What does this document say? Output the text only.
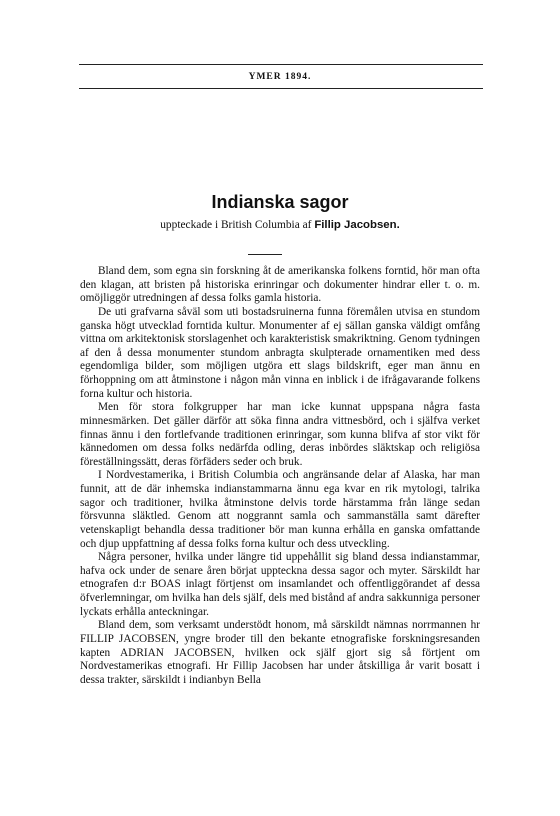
YMER 1894.
Indianska sagor
uppteckade i British Columbia af Fillip Jacobsen.

Bland dem, som egna sin forskning åt de amerikanska folkens forntid, hör man ofta den klagan, att bristen på historiska erinringar och dokumenter hindrar eller t. o. m. omöjliggör utredningen af dessa folks gamla historia.

De uti grafvarna såväl som uti bostadsruinerna funna föremålen utvisa en stundom ganska högt utvecklad forntida kultur. Monumenter af ej sällan ganska väldigt omfång vittna om arkitektonisk storslagenhet och karakteristisk smakriktning. Genom tydningen af den å dessa monumenter stundom anbragta skulpterade ornamentiken med dess egendomliga bilder, som möjligen utgöra ett slags bildskrift, eger man ännu en förhoppning om att åtminstone i någon mån vinna en inblick i de ifrågavarande folkens forna kultur och historia.

Men för stora folkgrupper har man icke kunnat uppspana några fasta minnesmärken. Det gäller därför att söka finna andra vittnesbörd, och i själfva verket finnas ännu i den fortlefvande traditionen erinringar, som kunna blifva af stor vikt för kännedomen om dessa folks nedärfda odling, deras inbördes släktskap och religiösa föreställningssätt, deras förfäders seder och bruk.

I Nordvestamerika, i British Columbia och angränsande delar af Alaska, har man funnit, att de där inhemska indianstammarna ännu ega kvar en rik mytologi, talrika sagor och traditioner, hvilka åtminstone delvis torde härstamma från länge sedan försvunna släktled. Genom att noggrannt samla och sammanställa samt därefter vetenskapligt behandla dessa traditioner bör man kunna erhålla en ganska omfattande och djup uppfattning af dessa folks forna kultur och dess utveckling.

Några personer, hvilka under längre tid uppehållit sig bland dessa indianstammar, hafva ock under de senare åren börjat uppteckna dessa sagor och myter. Särskildt har etnografen d:r BOAS inlagt förtjenst om insamlandet och offentliggörandet af dessa öfverlemningar, om hvilka han dels själf, dels med bistånd af andra sakkunniga personer lyckats erhålla anteckningar.

Bland dem, som verksamt understödt honom, må särskildt nämnas norrmannen hr FILLIP JACOBSEN, yngre broder till den bekante etnografiske forskningsresanden kapten ADRIAN JACOBSEN, hvilken ock själf gjort sig så förtjent om Nordvestamerikas etnografi. Hr Fillip Jacobsen har under åtskilliga år varit bosatt i dessa trakter, särskildt i indianbyn Bella
